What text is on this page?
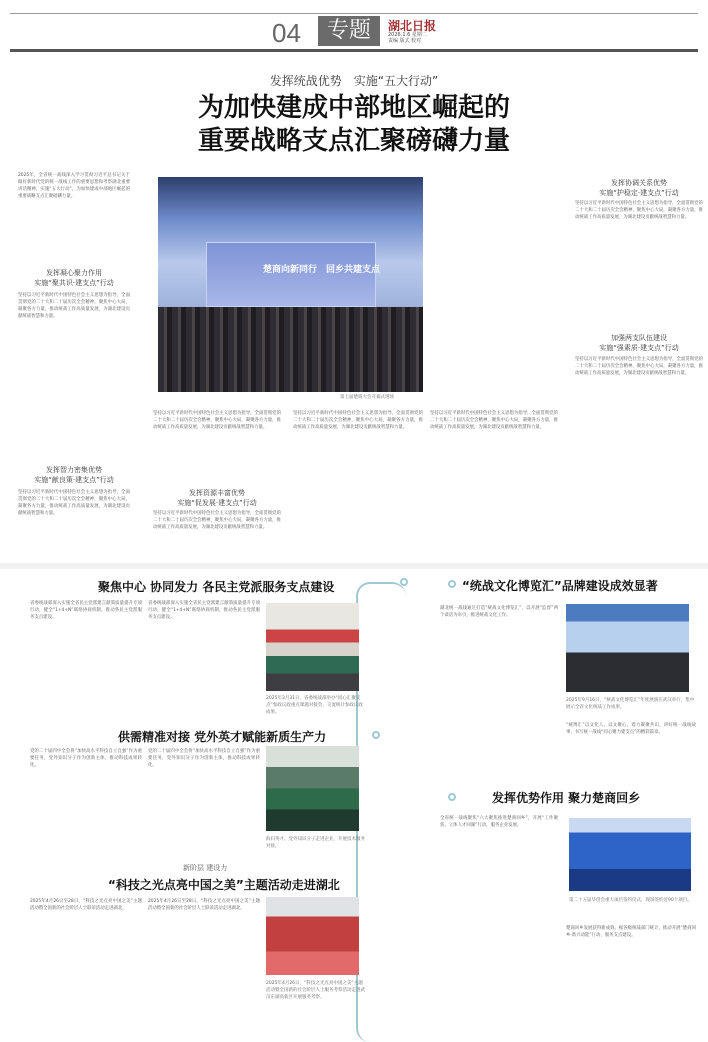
04	专题	湖北日报
2026.1.6 星期二
责编 版式 校对
发挥统战优势　实施“五大行动”
为加快建成中部地区崛起的
重要战略支点汇聚磅礴力量
2025年，全省统一战线深入学习贯彻习近平总书记关于做好新时代党的统一战线工作的重要思想和考察湖北重要讲话精神，实施“五大行动”，为加快建成中部地区崛起的重要战略支点汇聚磅礴力量。
发挥凝心聚力作用
实施“聚共识·建支点”行动
坚持以习近平新时代中国特色社会主义思想为指导，全面贯彻党的二十大和二十届历次全会精神，聚焦中心大局，凝聚各方力量，推动统战工作高质量发展，为湖北建设贡献统战智慧和力量。
发挥智力密集优势
实施“献良策·建支点”行动
坚持以习近平新时代中国特色社会主义思想为指导，全面贯彻党的二十大和二十届历次全会精神，聚焦中心大局，凝聚各方力量，推动统战工作高质量发展，为湖北建设贡献统战智慧和力量。
楚商向新同行　回乡共建支点
第七届楚商大会开幕式现场
坚持以习近平新时代中国特色社会主义思想为指导，全面贯彻党的二十大和二十届历次全会精神，聚焦中心大局，凝聚各方力量，推动统战工作高质量发展，为湖北建设贡献统战智慧和力量。
发挥资源丰富优势
实施“促发展·建支点”行动
坚持以习近平新时代中国特色社会主义思想为指导，全面贯彻党的二十大和二十届历次全会精神，聚焦中心大局，凝聚各方力量，推动统战工作高质量发展，为湖北建设贡献统战智慧和力量。
坚持以习近平新时代中国特色社会主义思想为指导，全面贯彻党的二十大和二十届历次全会精神，聚焦中心大局，凝聚各方力量，推动统战工作高质量发展，为湖北建设贡献统战智慧和力量。
坚持以习近平新时代中国特色社会主义思想为指导，全面贯彻党的二十大和二十届历次全会精神，聚焦中心大局，凝聚各方力量，推动统战工作高质量发展，为湖北建设贡献统战智慧和力量。
发挥协调关系优势
实施“护稳定·建支点”行动
坚持以习近平新时代中国特色社会主义思想为指导，全面贯彻党的二十大和二十届历次全会精神，聚焦中心大局，凝聚各方力量，推动统战工作高质量发展，为湖北建设贡献统战智慧和力量。
加强两支队伍建设
实施“强素质·建支点”行动
坚持以习近平新时代中国特色社会主义思想为指导，全面贯彻党的二十大和二十届历次全会精神，聚焦中心大局，凝聚各方力量，推动统战工作高质量发展，为湖北建设贡献统战智慧和力量。
聚焦中心 协同发力 各民主党派服务支点建设
省委统战部深入实施全省民主党派建言献策质量提升专项行动，健全“1+4+N”联络协商机制，推动各民主党派服务支点建设。
省委统战部深入实施全省民主党派建言献策质量提升专项行动，健全“1+4+N”联络协商机制，推动各民主党派服务支点建设。
2025年3月31日，省委统战部举办“同心汇聚支点”参政议政重点课题对接会，交流统计参政议政成果。
供需精准对接 党外英才赋能新质生产力
党的二十届四中全会将“加快高水平科技自立自强”作为重要任务，党外知识分子作为创新主体，推动科技成果转化。
党的二十届四中全会将“加快高水平科技自立自强”作为重要任务，党外知识分子作为创新主体，推动科技成果转化。
海归英才、党外知识分子走进企业，开展技术服务对接。
新阶层 建设力
“科技之光点亮中国之美”主题活动走进湖北
2025年4月26日至28日，“科技之光点亮中国之美”主题活动暨全国新的社会阶层人士联谊活动走进湖北。
2025年4月26日至28日，“科技之光点亮中国之美”主题活动暨全国新的社会阶层人士联谊活动走进湖北。
2025年4月26日，“科技之光点亮中国之美”主题活动暨全国新的社会阶层人士服务考察活动走进武汉东湖高新区开展服务考察。
“统战文化博览汇”品牌建设成效显著
湖北统一战线通过打造“统战文化博览汇”，以开展“监督”两个谈话为牵引，推进统战文化工作。
2025年9月16日，“统战文化博览汇”年度展演在武汉举行，集中展示全省文化统战工作成果。
“统博汇”以文化人、以文聚心，着力凝聚共识，讲好统一战线故事，书写统一战线“同心聚力建支点”的精彩篇章。
发挥优势作用 聚力楚商回乡
全省统一战线聚焦“六大聚焦推进楚商回乡”，开展“工作聚焦、立体人才回湖”行动，服务企业发展。
第二十五届华创会重大项目签约仪式，现场签约近90个项目。
楚商回乡发展获得新成效。据各级统战部门统计，推动开展“楚商回乡·新兴动能”行动，服务支点建设。
